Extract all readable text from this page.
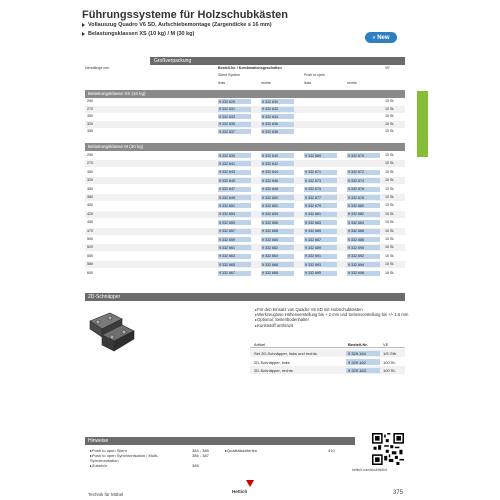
Führungssysteme für Holzschubkästen
Vollauszug Quadro V6 SD, Aufschiebemontage (Zargendicke ≤ 16 mm)
Belastungsklassen XS (10 kg) / M (30 kg)
» New
Großverpackung
Nennlänge mm	Bestell-Nr. / Kombinationsgeschaften
Silent System	Push to open
links	rechts	links	rechts
VE
Belastungsklasse XS (10 kg)
250	9 332 629	9 332 630	10 St.
270	9 332 631	9 332 632	10 St.
300	9 332 633	9 332 634	10 St.
320	9 332 635	9 332 636	10 St.
350	9 332 637	9 332 638	10 St.
Belastungsklasse M (30 kg)
250	9 332 639	9 332 640	9 332 669	9 332 670	10 St.
270	9 332 641	9 332 642	10 St.
300	9 332 643	9 332 644	9 332 671	9 332 672	10 St.
320	9 332 645	9 332 646	9 332 673	9 332 674	10 St.
350	9 332 647	9 332 648	9 332 675	9 332 676	10 St.
380	9 332 649	9 332 650	9 332 677	9 332 678	10 St.
400	9 332 651	9 332 652	9 332 679	9 332 680	10 St.
420	9 332 653	9 332 654	9 332 681	9 332 682	10 St.
450	9 332 655	9 332 656	9 332 683	9 332 684	10 St.
470	9 332 657	9 332 658	9 332 685	9 332 686	10 St.
500	9 332 659	9 332 660	9 332 687	9 332 688	10 St.
520	9 332 661	9 332 662	9 332 689	9 332 690	10 St.
550	9 332 663	9 332 664	9 332 691	9 332 692	10 St.
580	9 332 665	9 332 666	9 332 693	9 332 694	10 St.
600	9 332 667	9 332 668	9 332 695	9 332 696	10 St.
2D-Schnäpper
▸ Für den Einsatz von Quadro V6 SD mit Holzschubkästen
▸ Werkzeuglose Höhenverstellung bis + 2 mm und Seitenverstellung bis +/- 1.5 mm
▸ Optional: Seitenbodenhalter
▸ Kunststoff anthrazit
Artikel	Bestell-Nr.	VE
Set 2D-Schnäpper, links und rechts	9 329 164	1/5 Gth
2D-Schnäpper, links	9 329 162	100 St.
2D-Schnäpper, rechts	9 329 163	100 St.
Hinweise
▸ Push to open Silent	384 - 385
▸	Qualitätskriterien	410
▸ Push to open Synchronisation / Multi-Synchronisation
386 - 387
▸ Zubehör	388
hettich.com/dkx49d6hd
Hettich
Technik für Möbel	375
